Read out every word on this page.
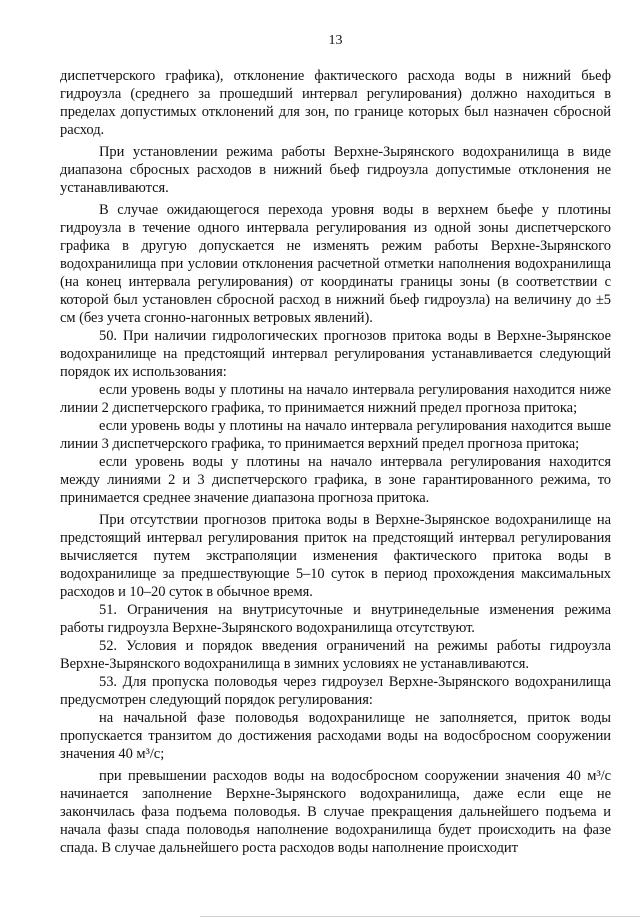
13

диспетчерского графика), отклонение фактического расхода воды в нижний бьеф гидроузла (среднего за прошедший интервал регулирования) должно находиться в пределах допустимых отклонений для зон, по границе которых был назначен сбросной расход.

При установлении режима работы Верхне-Зырянского водохранилища в виде диапазона сбросных расходов в нижний бьеф гидроузла допустимые отклонения не устанавливаются.

В случае ожидающегося перехода уровня воды в верхнем бьефе у плотины гидроузла в течение одного интервала регулирования из одной зоны диспетчерского графика в другую допускается не изменять режим работы Верхне-Зырянского водохранилища при условии отклонения расчетной отметки наполнения водохранилища (на конец интервала регулирования) от координаты границы зоны (в соответствии с которой был установлен сбросной расход в нижний бьеф гидроузла) на величину до ±5 см (без учета сгонно-нагонных ветровых явлений).

50. При наличии гидрологических прогнозов притока воды в Верхне-Зырянское водохранилище на предстоящий интервал регулирования устанавливается следующий порядок их использования:

если уровень воды у плотины на начало интервала регулирования находится ниже линии 2 диспетчерского графика, то принимается нижний предел прогноза притока;

если уровень воды у плотины на начало интервала регулирования находится выше линии 3 диспетчерского графика, то принимается верхний предел прогноза притока;

если уровень воды у плотины на начало интервала регулирования находится между линиями 2 и 3 диспетчерского графика, в зоне гарантированного режима, то принимается среднее значение диапазона прогноза притока.

При отсутствии прогнозов притока воды в Верхне-Зырянское водохранилище на предстоящий интервал регулирования приток на предстоящий интервал регулирования вычисляется путем экстраполяции изменения фактического притока воды в водохранилище за предшествующие 5–10 суток в период прохождения максимальных расходов и 10–20 суток в обычное время.

51. Ограничения на внутрисуточные и внутринедельные изменения режима работы гидроузла Верхне-Зырянского водохранилища отсутствуют.

52. Условия и порядок введения ограничений на режимы работы гидроузла Верхне-Зырянского водохранилища в зимних условиях не устанавливаются.

53. Для пропуска половодья через гидроузел Верхне-Зырянского водохранилища предусмотрен следующий порядок регулирования:

на начальной фазе половодья водохранилище не заполняется, приток воды пропускается транзитом до достижения расходами воды на водосбросном сооружении значения 40 м³/с;

при превышении расходов воды на водосбросном сооружении значения 40 м³/с начинается заполнение Верхне-Зырянского водохранилища, даже если еще не закончилась фаза подъема половодья. В случае прекращения дальнейшего подъема и начала фазы спада половодья наполнение водохранилища будет происходить на фазе спада. В случае дальнейшего роста расходов воды наполнение происходит
